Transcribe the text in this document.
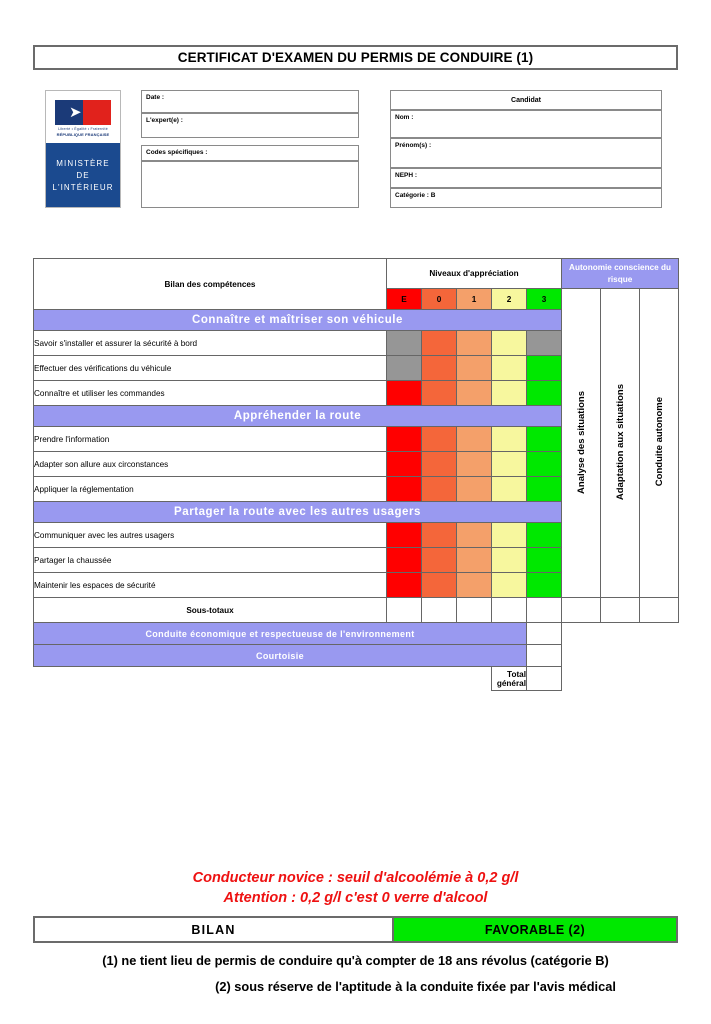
CERTIFICAT D'EXAMEN DU PERMIS DE CONDUIRE (1)
➤
Liberté • Égalité • Fraternité
RÉPUBLIQUE FRANÇAISE
MINISTÈRE
DE
L'INTÉRIEUR
Date :
L'expert(e) :
Codes spécifiques :
Candidat
Nom :
Prénom(s) :
NEPH :
Catégorie : B
Bilan des compétences	Niveaux d'appréciation					Autonomie conscience du risque		
	E	0	1	2	3	Analyse des situations	Adaptation aux situations	Conduite autonome
Connaître et maîtriser son véhicule								
Savoir s'installer et assurer la sécurité à bord								
Effectuer des vérifications du véhicule								
Connaître et utiliser les commandes								
Appréhender la route								
Prendre l'information								
Adapter son allure aux circonstances								
Appliquer la réglementation								
Partager la route avec les autres usagers								
Communiquer avec les autres usagers								
Partager la chaussée								
Maintenir les espaces de sécurité								
Sous-totaux								
Conduite économique et respectueuse de l'environnement								
Courtoisie								
				Total général				
Conducteur novice : seuil d'alcoolémie à 0,2 g/l
Attention : 0,2 g/l c'est 0 verre d'alcool
BILAN	FAVORABLE (2)
(1) ne tient lieu de permis de conduire qu'à compter de 18 ans révolus (catégorie B)
(2) sous réserve de l'aptitude à la conduite fixée par l'avis médical
